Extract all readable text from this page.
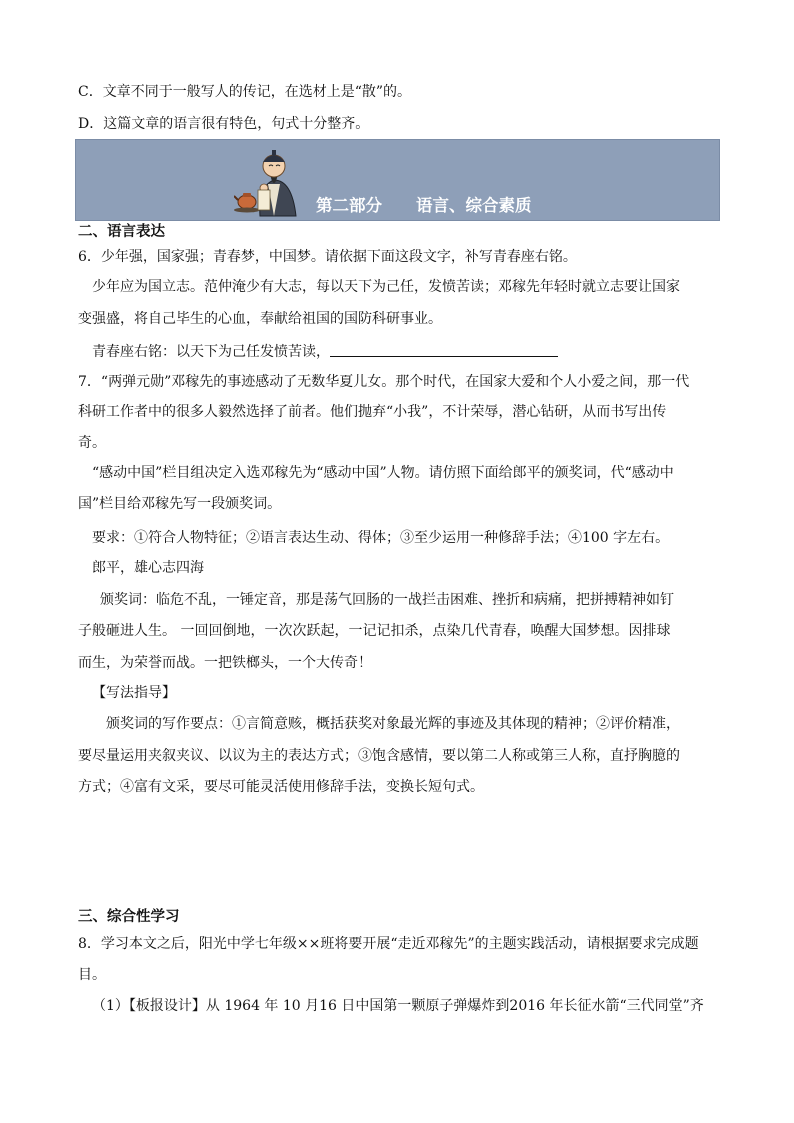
C．文章不同于一般写人的传记，在选材上是“散”的。
D．这篇文章的语言很有特色，句式十分整齐。
第二部分 语言、综合素质
二、语言表达
6．少年强，国家强；青春梦，中国梦。请依据下面这段文字，补写青春座右铭。
少年应为国立志。范仲淹少有大志，每以天下为己任，发愤苦读；邓稼先年轻时就立志要让国家
变强盛，将自己毕生的心血，奉献给祖国的国防科研事业。
青春座右铭：以天下为己任发愤苦读，
7．“两弹元勋”邓稼先的事迹感动了无数华夏儿女。那个时代，在国家大爱和个人小爱之间，那一代
科研工作者中的很多人毅然选择了前者。他们抛弃“小我”，不计荣辱，潜心钻研，从而书写出传
奇。
“感动中国”栏目组决定入选邓稼先为“感动中国”人物。请仿照下面给郎平的颁奖词，代“感动中
国”栏目给邓稼先写一段颁奖词。
要求：①符合人物特征；②语言表达生动、得体；③至少运用一种修辞手法；④100 字左右。
郎平，雄心志四海
颁奖词：临危不乱，一锤定音，那是荡气回肠的一战拦击困难、挫折和病痛，把拼搏精神如钉
子般砸进人生。 一回回倒地，一次次跃起，一记记扣杀，点染几代青春，唤醒大国梦想。因排球
而生，为荣誉而战。一把铁榔头，一个大传奇！
【写法指导】
颁奖词的写作要点：①言简意赅，概括获奖对象最光辉的事迹及其体现的精神；②评价精准，
要尽量运用夹叙夹议、以议为主的表达方式；③饱含感情，要以第二人称或第三人称，直抒胸臆的
方式；④富有文采，要尽可能灵活使用修辞手法，变换长短句式。
三、综合性学习
8．学习本文之后，阳光中学七年级××班将要开展“走近邓稼先”的主题实践活动，请根据要求完成题
目。
（1）【板报设计】从 1964 年 10 月16 日中国第一颗原子弹爆炸到2016 年长征水箭“三代同堂”齐
